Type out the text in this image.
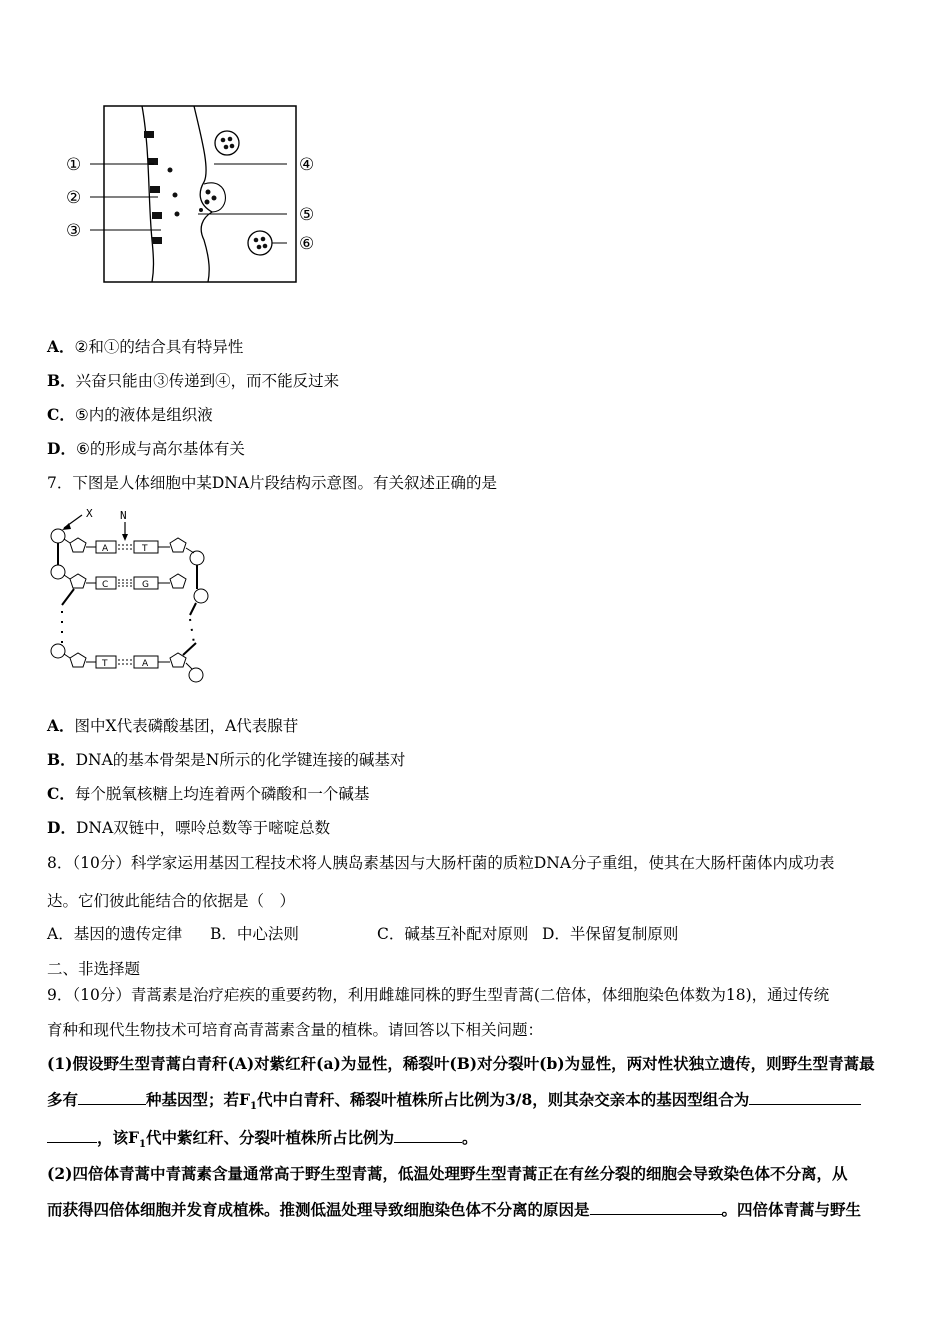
①
②
③
④
⑤
⑥
A．②和①的结合具有特异性
B．兴奋只能由③传递到④，而不能反过来
C．⑤内的液体是组织液
D．⑥的形成与高尔基体有关
7．下图是人体细胞中某DNA片段结构示意图。有关叙述正确的是
X N
A	T
C	G
T	A
A．图中X代表磷酸基团，A代表腺苷
B．DNA的基本骨架是N所示的化学键连接的碱基对
C．每个脱氧核糖上均连着两个磷酸和一个碱基
D．DNA双链中，嘌呤总数等于嘧啶总数
8．（10分）科学家运用基因工程技术将人胰岛素基因与大肠杆菌的质粒DNA分子重组，使其在大肠杆菌体内成功表
达。它们彼此能结合的依据是（　）
A．基因的遗传定律 B．中心法则	C．碱基互补配对原则 D．半保留复制原则
二、非选择题
9．（10分）青蒿素是治疗疟疾的重要药物，利用雌雄同株的野生型青蒿(二倍体，体细胞染色体数为18)，通过传统
育种和现代生物技术可培育高青蒿素含量的植株。请回答以下相关问题：
(1)假设野生型青蒿白青秆(A)对紫红秆(a)为显性，稀裂叶(B)对分裂叶(b)为显性，两对性状独立遗传，则野生型青蒿最
多有	种基因型；若$F_1$代中白青秆、稀裂叶植株所占比例为3/8，则其杂交亲本的基因型组合为
，该$F_1$代中紫红秆、分裂叶植株所占比例为	。
(2)四倍体青蒿中青蒿素含量通常高于野生型青蒿，低温处理野生型青蒿正在有丝分裂的细胞会导致染色体不分离，从
而获得四倍体细胞并发育成植株。推测低温处理导致细胞染色体不分离的原因是	。四倍体青蒿与野生
